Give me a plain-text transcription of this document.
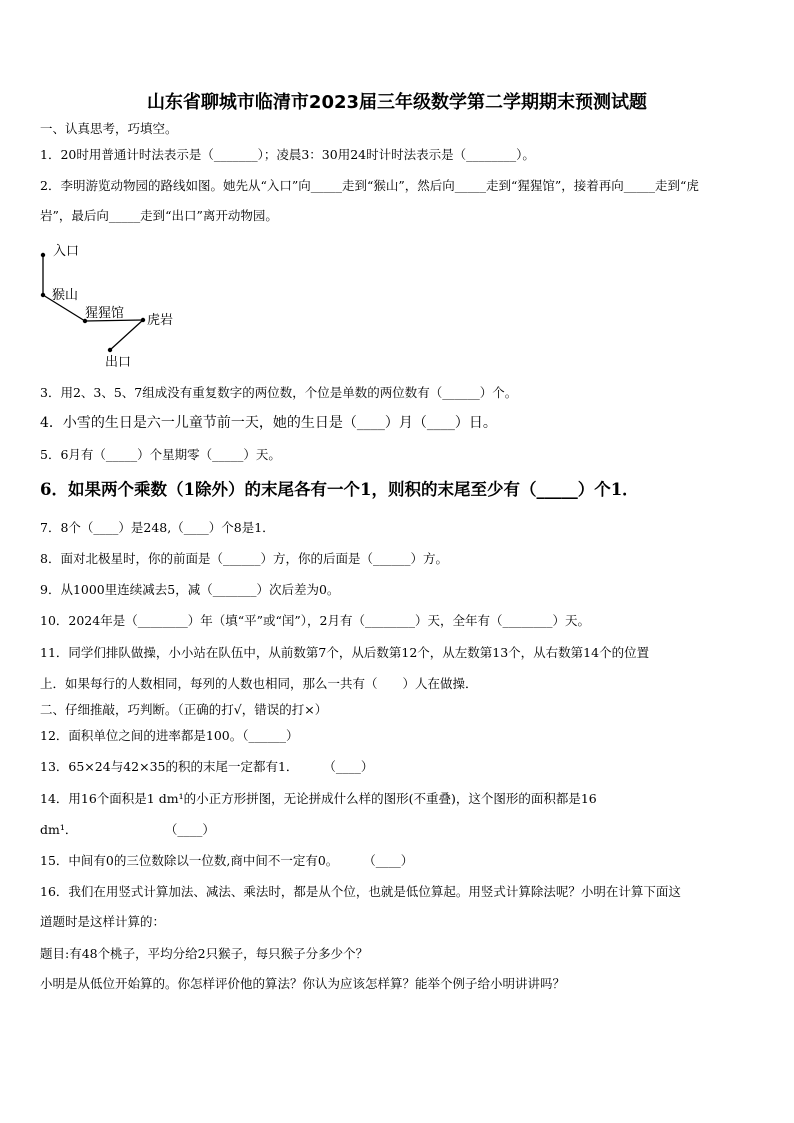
山东省聊城市临清市2023届三年级数学第二学期期末预测试题
一、认真思考，巧填空。
1．20时用普通计时法表示是（_______）；凌晨3：30用24时计时法表示是（________）。
2．李明游览动物园的路线如图。她先从“入口”向_____走到“猴山”，然后向_____走到“猩猩馆”，接着再向_____走到“虎
岩”，最后向_____走到“出口”离开动物园。
入口
猴山
猩猩馆 虎岩
出口
3．用2、3、5、7组成没有重复数字的两位数，个位是单数的两位数有（______）个。
4．小雪的生日是六一儿童节前一天，她的生日是（____）月（____）日。
5．6月有（_____）个星期零（_____）天。
6．如果两个乘数（1除外）的末尾各有一个1，则积的末尾至少有（_____）个1．
7．8个（____）是248,（____）个8是1．
8．面对北极星时，你的前面是（______）方，你的后面是（______）方。
9．从1000里连续减去5，减（_______）次后差为0。
10．2024年是（________）年（填“平”或“闰”），2月有（________）天，全年有（________）天。
11．同学们排队做操，小小站在队伍中，从前数第7个，从后数第12个，从左数第13个，从右数第14个的位置
上．如果每行的人数相同，每列的人数也相同，那么一共有（　　）人在做操．
二、仔细推敲，巧判断。（正确的打√，错误的打×）
12．面积单位之间的进率都是100。（______）
13．65×24与42×35的积的末尾一定都有1．　　　（____）
14．用16个面积是1 dm¹的小正方形拼图，无论拼成什么样的图形(不重叠)，这个图形的面积都是16
dm¹．　　　　　　　　（____）
15．中间有0的三位数除以一位数,商中间不一定有0。　　　（____）
16．我们在用竖式计算加法、减法、乘法时，都是从个位，也就是低位算起。用竖式计算除法呢？小明在计算下面这
道题时是这样计算的：
题目:有48个桃子，平均分给2只猴子，每只猴子分多少个？
小明是从低位开始算的。你怎样评价他的算法？你认为应该怎样算？能举个例子给小明讲讲吗？
